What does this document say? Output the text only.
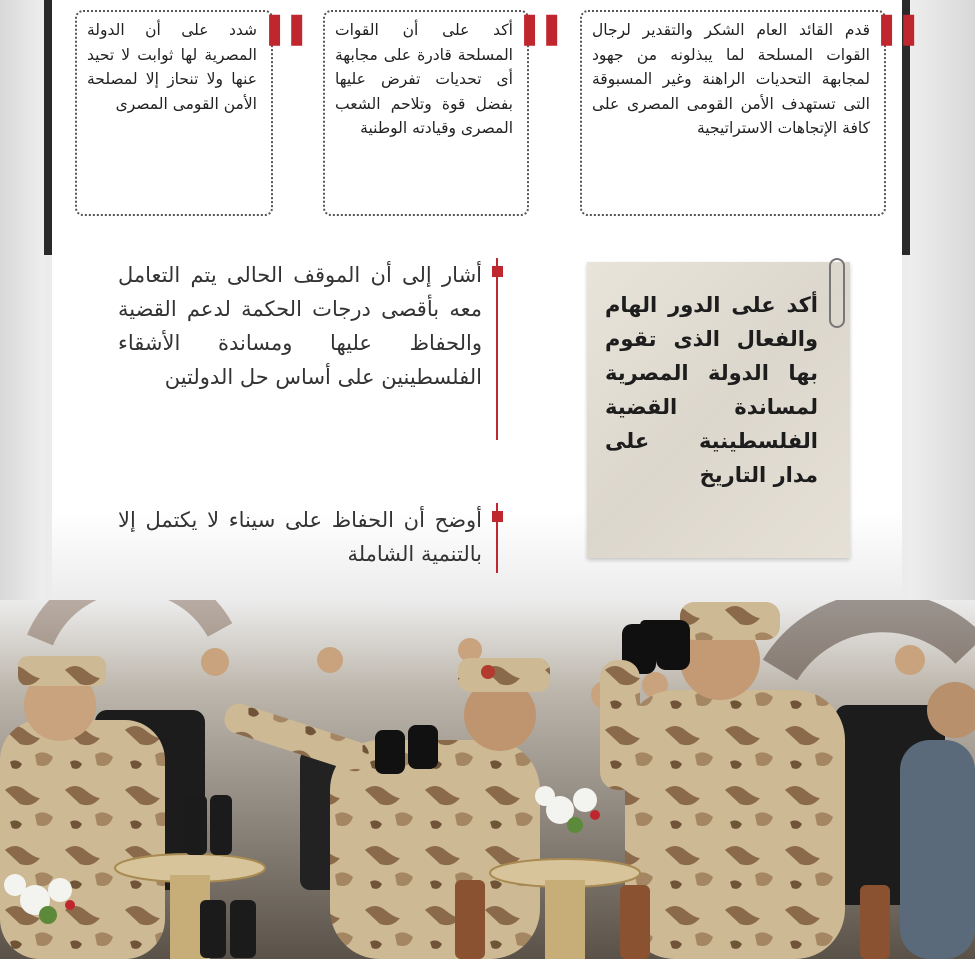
قدم القائد العام الشكر والتقدير لرجال القوات المسلحة لما يبذلونه من جهود لمجابهة التحديات الراهنة وغير المسبوقة التى تستهدف الأمن القومى المصرى على كافة الإتجاهات الاستراتيجية
❚❚
أكد على أن القوات المسلحة قادرة على مجابهة أى تحديات تفرض عليها بفضل قوة وتلاحم الشعب المصرى وقيادته الوطنية
❚❚
شدد على أن الدولة المصرية لها ثوابت لا تحيد عنها ولا تنحاز إلا لمصلحة الأمن القومى المصرى
❚❚
أشار إلى أن الموقف الحالى يتم التعامل معه بأقصى درجات الحكمة لدعم القضية والحفاظ عليها ومساندة الأشقاء الفلسطينين على أساس حل الدولتين
أوضح أن الحفاظ على سيناء لا يكتمل إلا بالتنمية الشاملة
أكد على الدور الهام والفعال الذى تقوم بها الدولة المصرية لمساندة القضية الفلسطينية على مدار التاريخ
